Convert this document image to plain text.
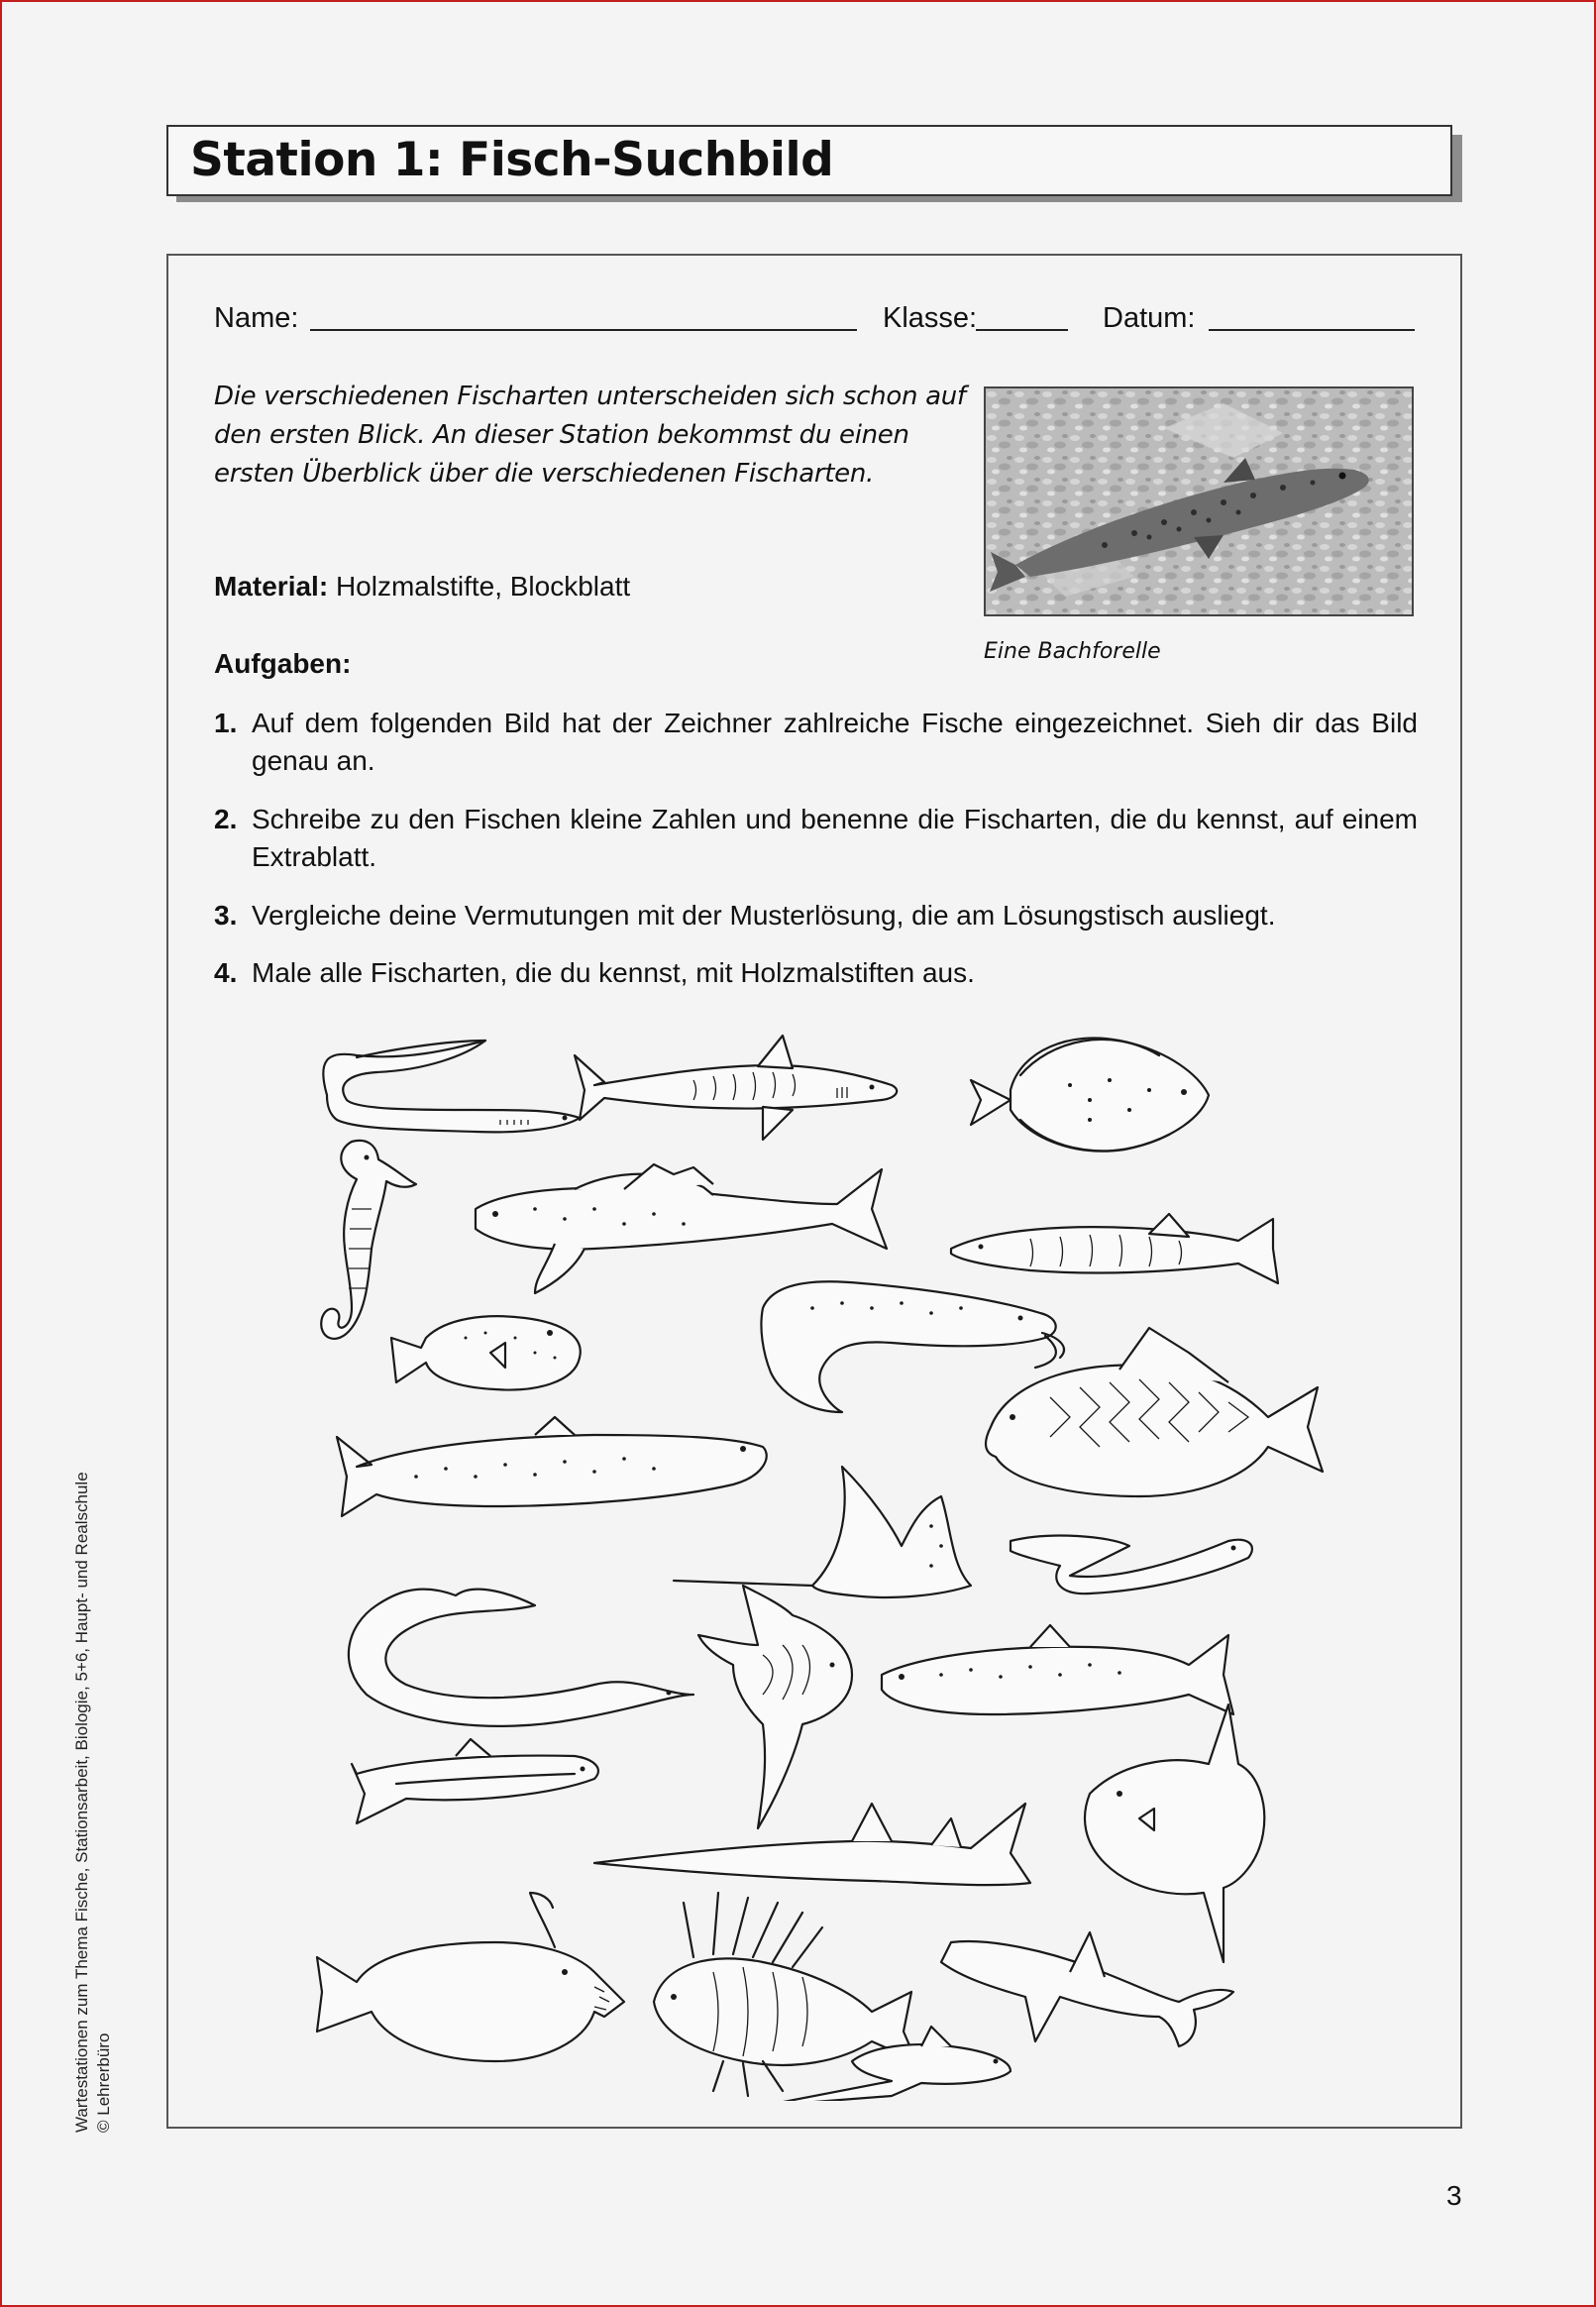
Station 1: Fisch-Suchbild
Name:	Klasse:	Datum:
Die verschiedenen Fischarten unterscheiden sich schon auf den ersten Blick. An dieser Station bekommst du einen ersten Überblick über die verschiedenen Fischarten.
Eine Bachforelle
Material: Holzmalstifte, Blockblatt
Aufgaben:
1. Auf dem folgenden Bild hat der Zeichner zahlreiche Fische eingezeichnet. Sieh dir das Bild genau an.
2. Schreibe zu den Fischen kleine Zahlen und benenne die Fischarten, die du kennst, auf einem Extrablatt.
3. Vergleiche deine Vermutungen mit der Musterlösung, die am Lösungstisch ausliegt.
4. Male alle Fischarten, die du kennst, mit Holzmalstiften aus.
Wartestationen zum Thema Fische, Stationsarbeit, Biologie, 5+6, Haupt- und Realschule © Lehrerbüro
3
